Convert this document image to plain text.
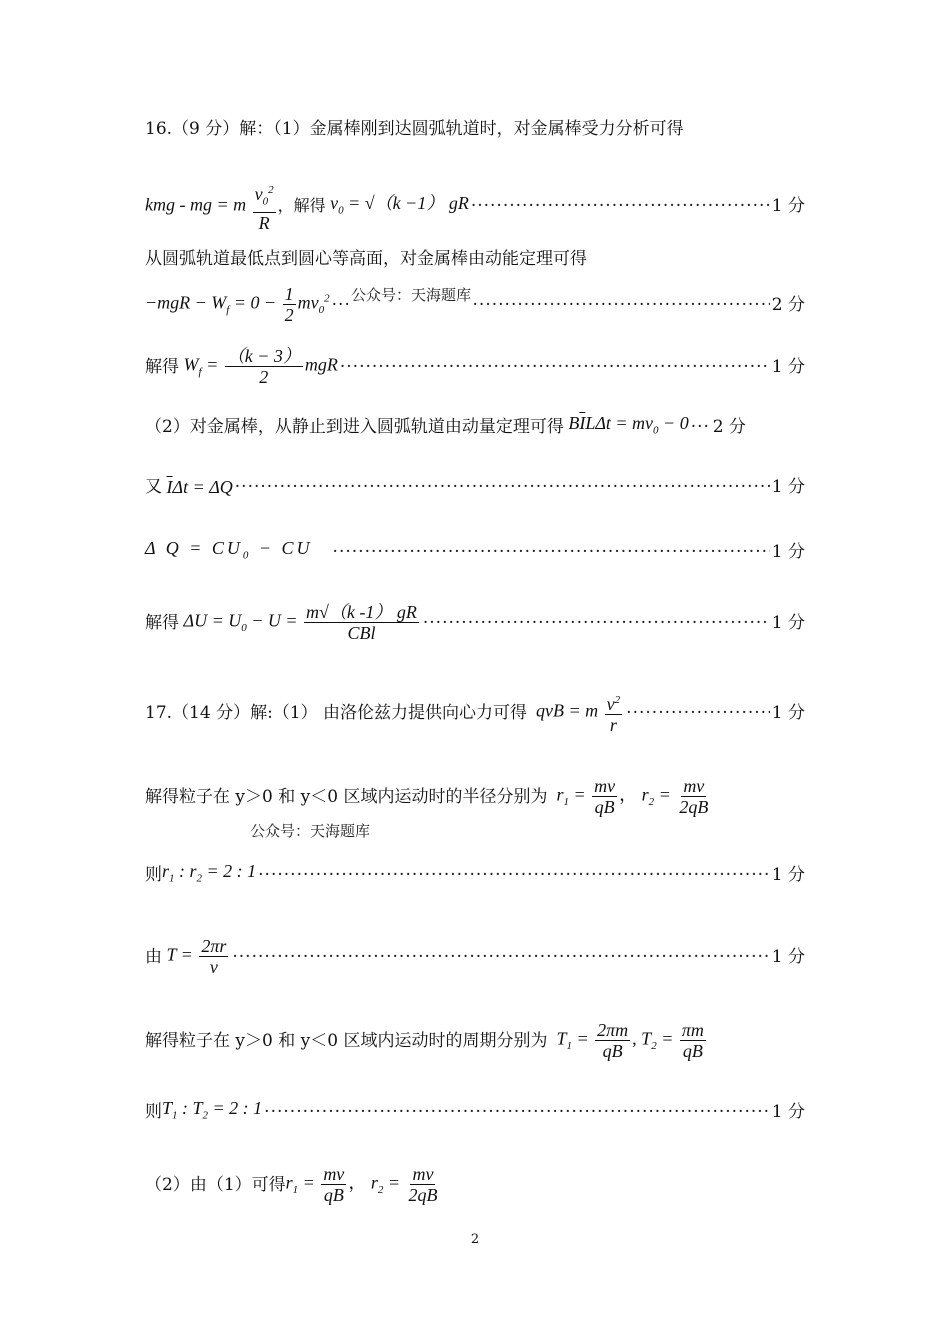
16.（9 分）解：（1）金属棒刚到达圆弧轨道时，对金属棒受力分析可得
kmg - mg = m $\frac{v_0^2}{R}$ ，解得 $v_0 = √(k -1)$ gR ·····	1 分
从圆弧轨道最低点到圆心等高面，对金属棒由动能定理可得
$-mgR - W_f = 0 - \frac{1}{2} mv_0^2$ ·····	2 分
公众号：天海题库
解得 $W_f = \frac{(k - 3)}{2}$ mgR ·····	1 分
（2）对金属棒，从静止到进入圆弧轨道由动量定理可得 $B\overline{I}L\Delta t = mv_0 - 0$ ····· 2 分
又 $\overline{I}\Delta t = \Delta Q$ ·····	1 分
Δ $Q = CU_0$ − CU ·····	1 分
解得 $\Delta U = U_0 - U = \frac{m√(k -1) gR}{\text{CBl}}$ ·····	1 分
17.（14 分）解:（1） 由洛伦兹力提供向心力可得 qvB = m $\frac{v^2}{r}$ ·····	1 分
解得粒子在 y＞0 和 y＜0 区域内运动时的半径分别为 $r_1 = \frac{mv}{qB}$ ， $r_2 = \frac{mv}{2qB}$
公众号：天海题库
则 $r_1$ : $r_2 = 2$ : 1 ·····	1 分
由 $T = \frac{2\pi r}{v}$ ·····	1 分
解得粒子在 y＞0 和 y＜0 区域内运动时的周期分别为 $T_1 = \frac{2\pi m}{qB}$ , $T_2 = \frac{\pi m}{qB}$
则 $T_1$ : $T_2 = 2$ : 1 ·····	1 分
（2）由（1）可得 $r_1 = \frac{mv}{qB}$ ， $r_2 = \frac{mv}{2qB}$
2
